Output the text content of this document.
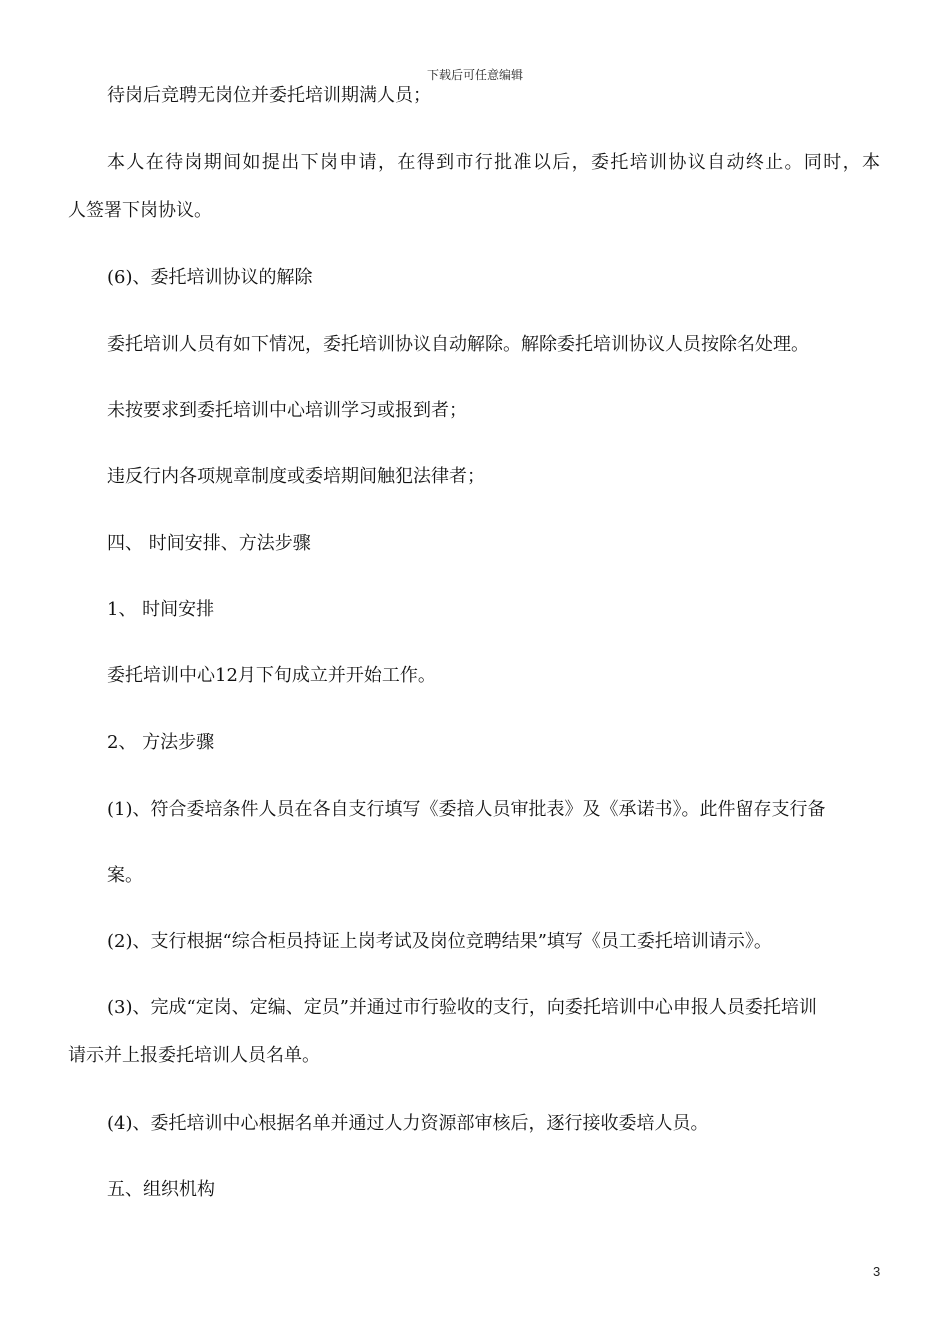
下载后可任意编辑
待岗后竞聘无岗位并委托培训期满人员；
本人在待岗期间如提出下岗申请，在得到市行批准以后，委托培训协议自动终止。同时，本
人签署下岗协议。
(6)、委托培训协议的解除
委托培训人员有如下情况，委托培训协议自动解除。解除委托培训协议人员按除名处理。
未按要求到委托培训中心培训学习或报到者；
违反行内各项规章制度或委培期间触犯法律者；
四、 时间安排、方法步骤
1、 时间安排
委托培训中心12月下旬成立并开始工作。
2、 方法步骤
(1)、符合委培条件人员在各自支行填写《委揞人员审批表》及《承诺书》。此件留存支行备
案。
(2)、支行根据“综合柜员持证上岗考试及岗位竞聘结果”填写《员工委托培训请示》。
(3)、完成“定岗、定编、定员”并通过市行验收的支行，向委托培训中心申报人员委托培训
请示并上报委托培训人员名单。
(4)、委托培训中心根据名单并通过人力资源部审核后，逐行接收委培人员。
五、组织机构
3
